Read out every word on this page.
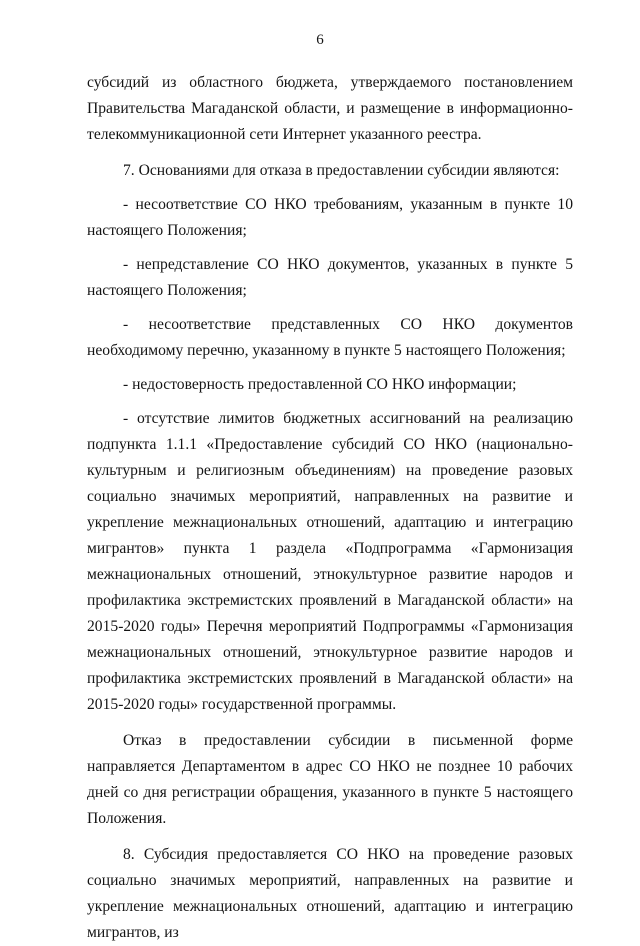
6

субсидий из областного бюджета, утверждаемого постановлением Правительства Магаданской области, и размещение в информационно-телекоммуникационной сети Интернет указанного реестра.

7. Основаниями для отказа в предоставлении субсидии являются:

- несоответствие СО НКО требованиям, указанным в пункте 10 настоящего Положения;

- непредставление СО НКО документов, указанных в пункте 5 настоящего Положения;

- несоответствие представленных СО НКО документов необходимому перечню, указанному в пункте 5 настоящего Положения;

- недостоверность предоставленной СО НКО информации;

- отсутствие лимитов бюджетных ассигнований на реализацию подпункта 1.1.1 «Предоставление субсидий СО НКО (национально-культурным и религиозным объединениям) на проведение разовых социально значимых мероприятий, направленных на развитие и укрепление межнациональных отношений, адаптацию и интеграцию мигрантов» пункта 1 раздела «Подпрограмма «Гармонизация межнациональных отношений, этнокультурное развитие народов и профилактика экстремистских проявлений в Магаданской области» на 2015-2020 годы» Перечня мероприятий Подпрограммы «Гармонизация межнациональных отношений, этнокультурное развитие народов и профилактика экстремистских проявлений в Магаданской области» на 2015-2020 годы» государственной программы.

Отказ в предоставлении субсидии в письменной форме направляется Департаментом в адрес СО НКО не позднее 10 рабочих дней со дня регистрации обращения, указанного в пункте 5 настоящего Положения.

8. Субсидия предоставляется СО НКО на проведение разовых социально значимых мероприятий, направленных на развитие и укрепление межнациональных отношений, адаптацию и интеграцию мигрантов, из
